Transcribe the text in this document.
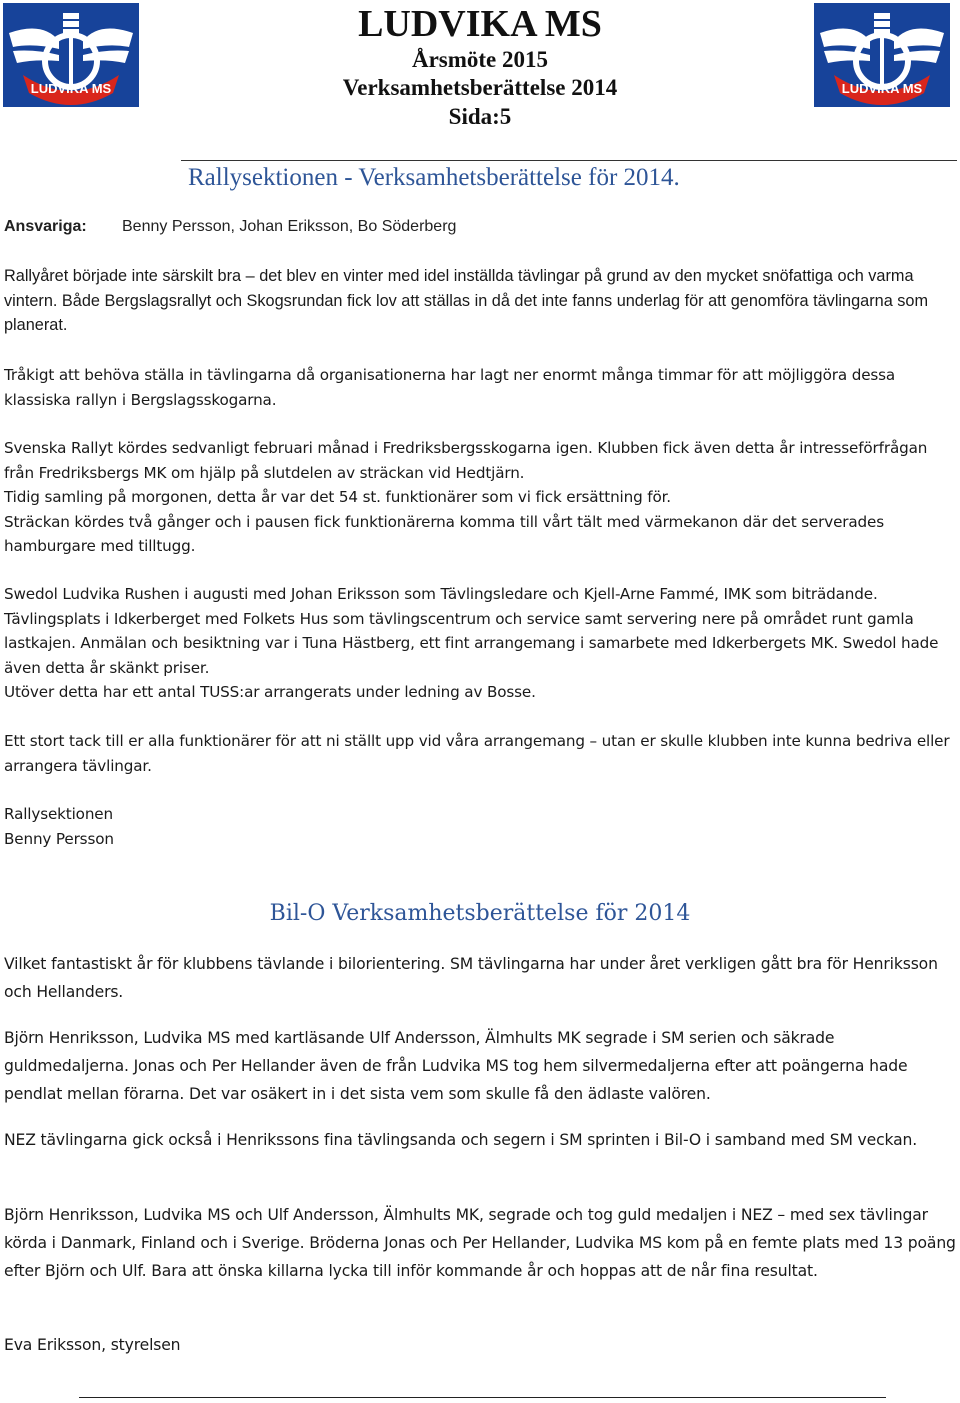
LUDVIKA MS	LUDVIKA MS
LUDVIKA MS
Årsmöte 2015
Verksamhetsberättelse 2014
Sida:5
Rallysektionen - Verksamhetsberättelse för 2014.
Ansvariga: Benny Persson, Johan Eriksson, Bo Söderberg

Rallyåret började inte särskilt bra – det blev en vinter med idel inställda tävlingar på grund av den mycket snöfattiga och varma vintern. Både Bergslagsrallyt och Skogsrundan fick lov att ställas in då det inte fanns underlag för att genomföra tävlingarna som planerat.

Tråkigt att behöva ställa in tävlingarna då organisationerna har lagt ner enormt många timmar för att möjliggöra dessa klassiska rallyn i Bergslagsskogarna.

Svenska Rallyt kördes sedvanligt februari månad i Fredriksbergsskogarna igen. Klubben fick även detta år intresseförfrågan från Fredriksbergs MK om hjälp på slutdelen av sträckan vid Hedtjärn.
Tidig samling på morgonen, detta år var det 54 st. funktionärer som vi fick ersättning för.
Sträckan kördes två gånger och i pausen fick funktionärerna komma till vårt tält med värmekanon där det serverades hamburgare med tilltugg.

Swedol Ludvika Rushen i augusti med Johan Eriksson som Tävlingsledare och Kjell-Arne Fammé, IMK som biträdande. Tävlingsplats i Idkerberget med Folkets Hus som tävlingscentrum och service samt servering nere på området runt gamla lastkajen. Anmälan och besiktning var i Tuna Hästberg, ett fint arrangemang i samarbete med Idkerbergets MK. Swedol hade även detta år skänkt priser.
Utöver detta har ett antal TUSS:ar arrangerats under ledning av Bosse.

Ett stort tack till er alla funktionärer för att ni ställt upp vid våra arrangemang – utan er skulle klubben inte kunna bedriva eller arrangera tävlingar.

Rallysektionen
Benny Persson

Bil-O Verksamhetsberättelse för 2014

Vilket fantastiskt år för klubbens tävlande i bilorientering. SM tävlingarna har under året verkligen gått bra för Henriksson och Hellanders.

Björn Henriksson, Ludvika MS med kartläsande Ulf Andersson, Älmhults MK segrade i SM serien och säkrade guldmedaljerna. Jonas och Per Hellander även de från Ludvika MS tog hem silvermedaljerna efter att poängerna hade pendlat mellan förarna. Det var osäkert in i det sista vem som skulle få den ädlaste valören.

NEZ tävlingarna gick också i Henrikssons fina tävlingsanda och segern i SM sprinten i Bil-O i samband med SM veckan.

Björn Henriksson, Ludvika MS och Ulf Andersson, Älmhults MK, segrade och tog guld medaljen i NEZ – med sex tävlingar körda i Danmark, Finland och i Sverige. Bröderna Jonas och Per Hellander, Ludvika MS kom på en femte plats med 13 poäng efter Björn och Ulf. Bara att önska killarna lycka till inför kommande år och hoppas att de når fina resultat.

Eva Eriksson, styrelsen
